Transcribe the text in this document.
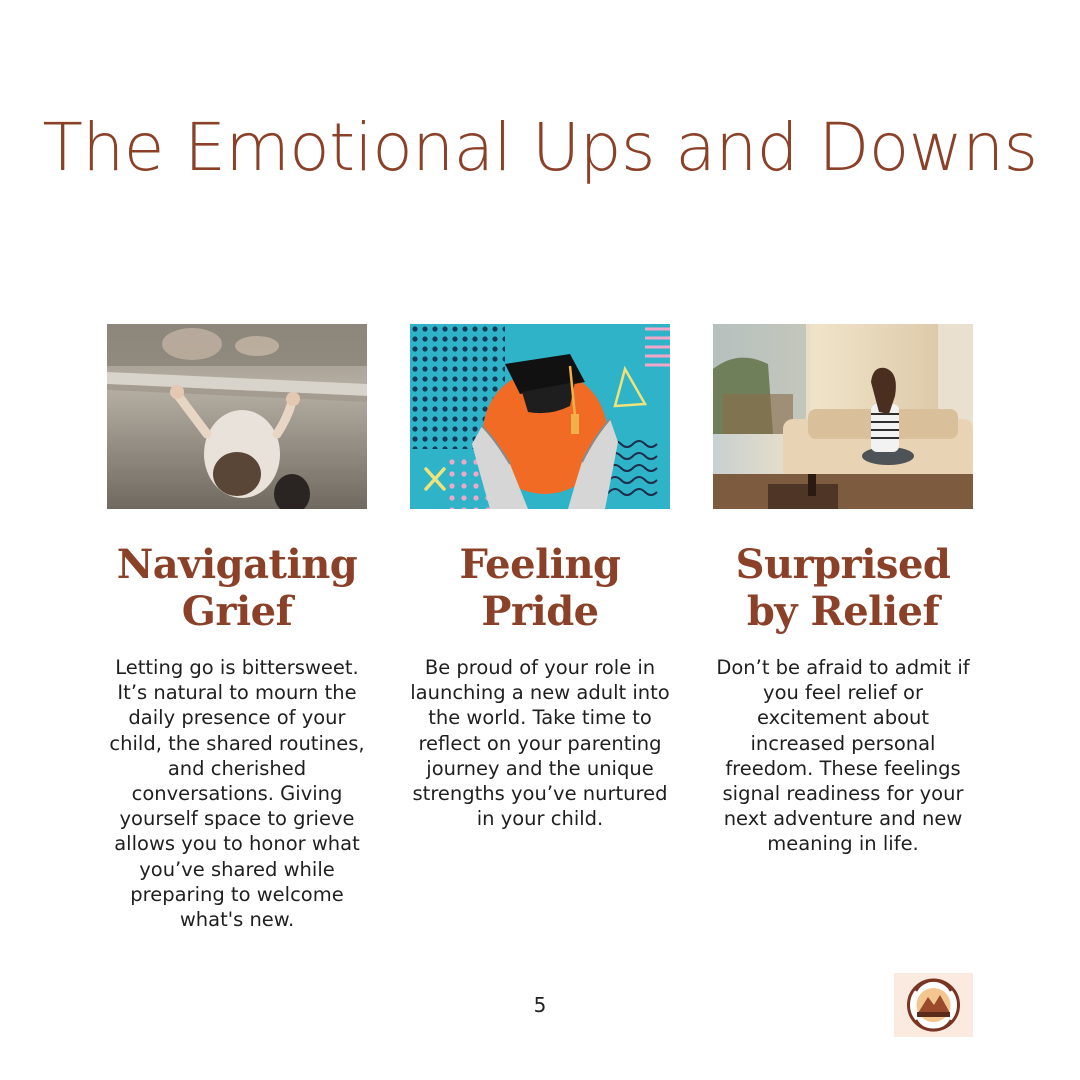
The Emotional Ups and Downs
Navigating Grief

Letting go is bittersweet. It’s natural to mourn the daily presence of your child, the shared routines, and cherished conversations. Giving yourself space to grieve allows you to honor what you’ve shared while preparing to welcome what's new.

Feeling Pride

Be proud of your role in launching a new adult into the world. Take time to reflect on your parenting journey and the unique strengths you’ve nurtured in your child.

Surprised by Relief

Don’t be afraid to admit if you feel relief or excitement about increased personal freedom. These feelings signal readiness for your next adventure and new meaning in life.

5
